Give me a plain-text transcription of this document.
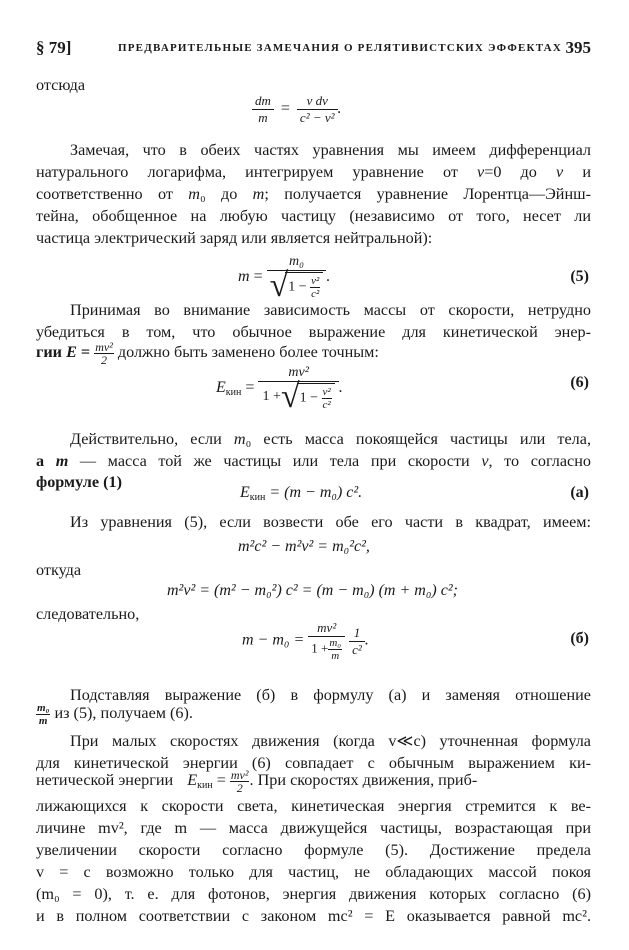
§ 79]	ПРЕДВАРИТЕЛЬНЫЕ ЗАМЕЧАНИЯ О РЕЛЯТИВИСТСКИХ ЭФФЕКТАХ 395
отсюда
$\frac{dm}{m} = \frac{\text{v dv}}{\text{c² − v²}}$ .
Замечая, что в обеих частях уравнения мы имеем дифференциал
натурального логарифма, интегрируем уравнение от v=0 до v и
соответственно от m₀ до m; получается уравнение Лорентца—Эйнш-
тейна, обобщенное на любую частицу (независимо от того, несет ли
частица электрический заряд или является нейтральной):
$m = \frac{\text{m₀}}{√1 - \frac{\text{v²}}{\text{c²}}}$ .	(5)
Принимая во внимание зависимость массы от скорости, нетрудно
убедиться в том, что обычное выражение для кинетической энер-
гии $E = \frac{\text{mv²}}{2}$ должно быть заменено более точным:
$E_{кин} = \frac{\text{mv²}}{1 +√1 - \frac{\text{v²}}{\text{c²}}}$ .	(6)
Действительно, если m₀ есть масса покоящейся частицы или тела,
а m — масса той же частицы или тела при скорости v, то согласно
формуле (1)
$E_{кин} = (m - m_0)$ c².	(a)
Из уравнения (5), если возвести обе его части в квадрат, имеем:
m²c² − m²v² = m₀²c²,
откуда
m²v² = (m² − m₀²) c² = (m − m₀) (m + m₀) c²;
следовательно,
$m - m_0 = \frac{\text{mv²}}{1 + \frac{\text{m₀}}{m}}$
$\frac{1}{\text{c²}}$ .	(б)
Подставляя выражение (б) в формулу (а) и заменяя отношение
$\frac{\text{m₀}}{m}$ из (5), получаем (6).
При малых скоростях движения (когда v≪c) уточненная формула
для кинетической энергии (6) совпадает с обычным выражением ки-
нетической энергии $E_{кин} = \frac{\text{mv²}}{2}$ . При скоростях движения, приб-
лижающихся к скорости света, кинетическая энергия стремится к ве-
личине mv², где m — масса движущейся частицы, возрастающая при
увеличении скорости согласно формуле (5). Достижение предела
v = c возможно только для частиц, не обладающих массой покоя
(m₀ = 0), т. е. для фотонов, энергия движения которых согласно (6)
и в полном соответствии с законом mc² = E оказывается равной mc².
